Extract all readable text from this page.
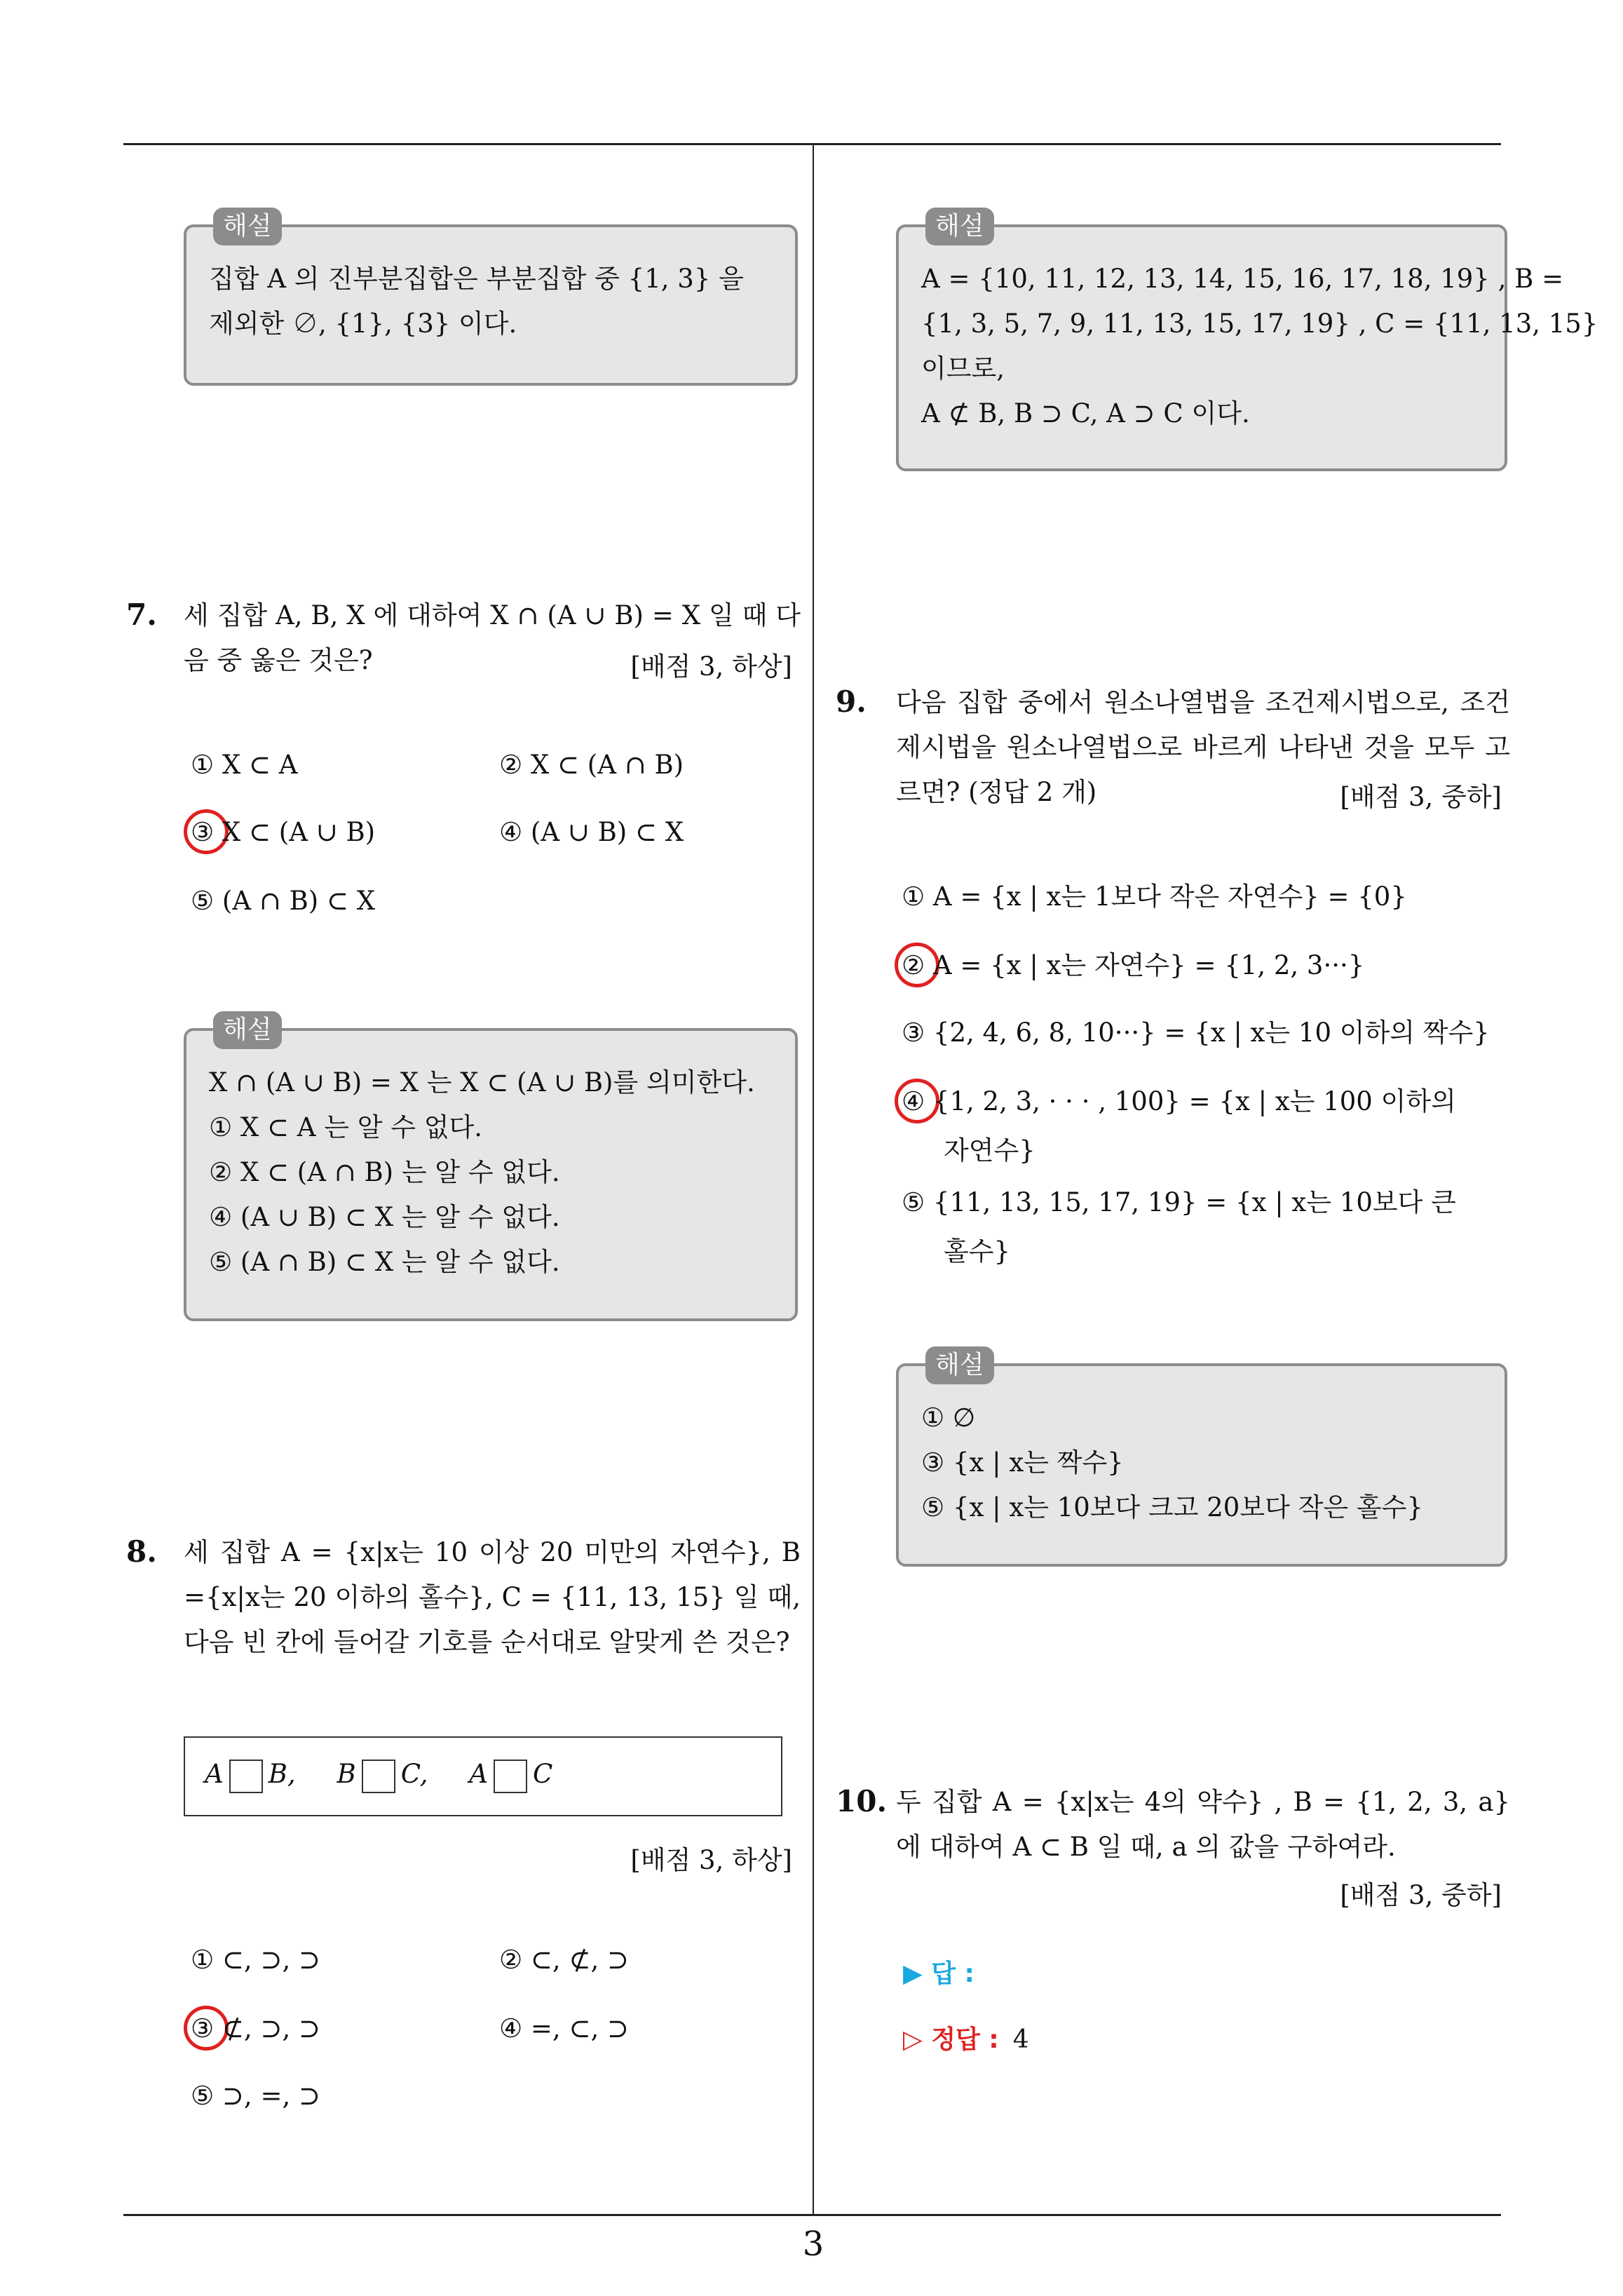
해설
집합 A 의 진부분집합은 부분집합 중 {1, 3} 을
제외한 ∅, {1}, {3} 이다.
7. 세 집합 A, B, X 에 대하여 X ∩ (A ∪ B) = X 일 때 다음 중 옳은 것은?	[배점 3, 하상]
① X ⊂ A	② X ⊂ (A ∩ B)
③ X ⊂ (A ∪ B)	④ (A ∪ B) ⊂ X
⑤ (A ∩ B) ⊂ X
해설
X ∩ (A ∪ B) = X 는 X ⊂ (A ∪ B)를 의미한다.
① X ⊂ A 는 알 수 없다.
② X ⊂ (A ∩ B) 는 알 수 없다.
④ (A ∪ B) ⊂ X 는 알 수 없다.
⑤ (A ∩ B) ⊂ X 는 알 수 없다.
8. 세 집합 A = {x|x는 10 이상 20 미만의 자연수}, B ={x|x는 20 이하의 홀수}, C = {11, 13, 15} 일 때, 다음 빈 칸에 들어갈 기호를 순서대로 알맞게 쓴 것은?
A B, B C, A C
[배점 3, 하상]
① ⊂, ⊃, ⊃	② ⊂, ⊄, ⊃
③ ⊄, ⊃, ⊃	④ =, ⊂, ⊃
⑤ ⊃, =, ⊃
해설
A = {10, 11, 12, 13, 14, 15, 16, 17, 18, 19} , B =
{1, 3, 5, 7, 9, 11, 13, 15, 17, 19} , C = {11, 13, 15}
이므로,
A ⊄ B, B ⊃ C, A ⊃ C 이다.
9. 다음 집합 중에서 원소나열법을 조건제시법으로, 조건제시법을 원소나열법으로 바르게 나타낸 것을 모두 고르면? (정답 2 개)	[배점 3, 중하]
① A = {x | x는 1보다 작은 자연수} = {0}
② A = {x | x는 자연수} = {1, 2, 3···}
③ {2, 4, 6, 8, 10···} = {x | x는 10 이하의 짝수}
④ {1, 2, 3, · · · , 100} = {x | x는 100 이하의
자연수}
⑤ {11, 13, 15, 17, 19} = {x | x는 10보다 큰
홀수}
해설
① ∅
③ {x | x는 짝수}
⑤ {x | x는 10보다 크고 20보다 작은 홀수}
10. 두 집합 A = {x|x는 4의 약수} , B = {1, 2, 3, a} 에 대하여 A ⊂ B 일 때, a 의 값을 구하여라.
[배점 3, 중하]
▶ 답 :
▷ 정답 : 4
3
